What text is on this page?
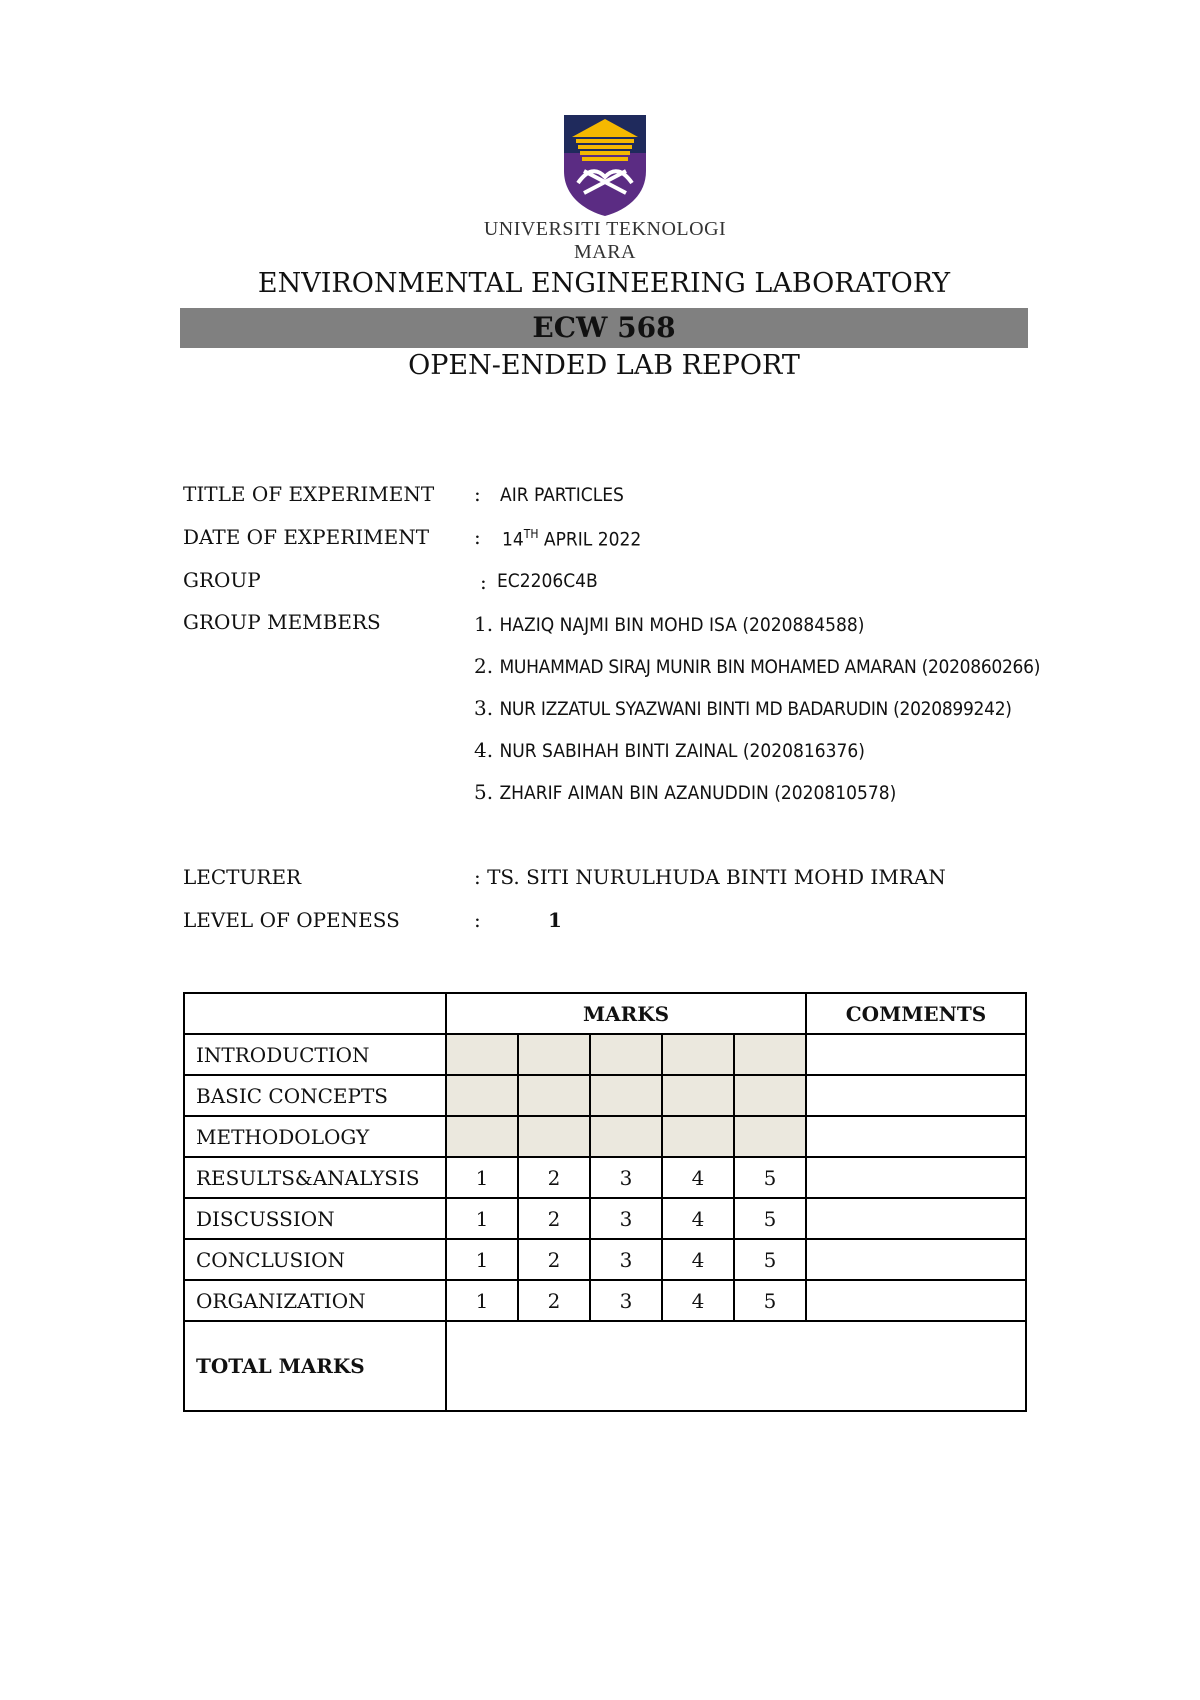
UNIVERSITI TEKNOLOGI MARA
ENVIRONMENTAL ENGINEERING LABORATORY
ECW 568
OPEN-ENDED LAB REPORT
TITLE OF EXPERIMENT : AIR PARTICLES
DATE OF EXPERIMENT : 14TH APRIL 2022
GROUP	: EC2206C4B
GROUP MEMBERS	1. HAZIQ NAJMI BIN MOHD ISA (2020884588)
2. MUHAMMAD SIRAJ MUNIR BIN MOHAMED AMARAN (2020860266)
3. NUR IZZATUL SYAZWANI BINTI MD BADARUDIN (2020899242)
4. NUR SABIHAH BINTI ZAINAL (2020816376)
5. ZHARIF AIMAN BIN AZANUDDIN (2020810578)
LECTURER	: TS. SITI NURULHUDA BINTI MOHD IMRAN
LEVEL OF OPENESS	:	1
	MARKS					COMMENTS
INTRODUCTION						
BASIC CONCEPTS						
METHODOLOGY						
RESULTS&ANALYSIS	1	2	3	4	5	
DISCUSSION	1	2	3	4	5	
CONCLUSION	1	2	3	4	5	
ORGANIZATION	1	2	3	4	5	
TOTAL MARKS						
